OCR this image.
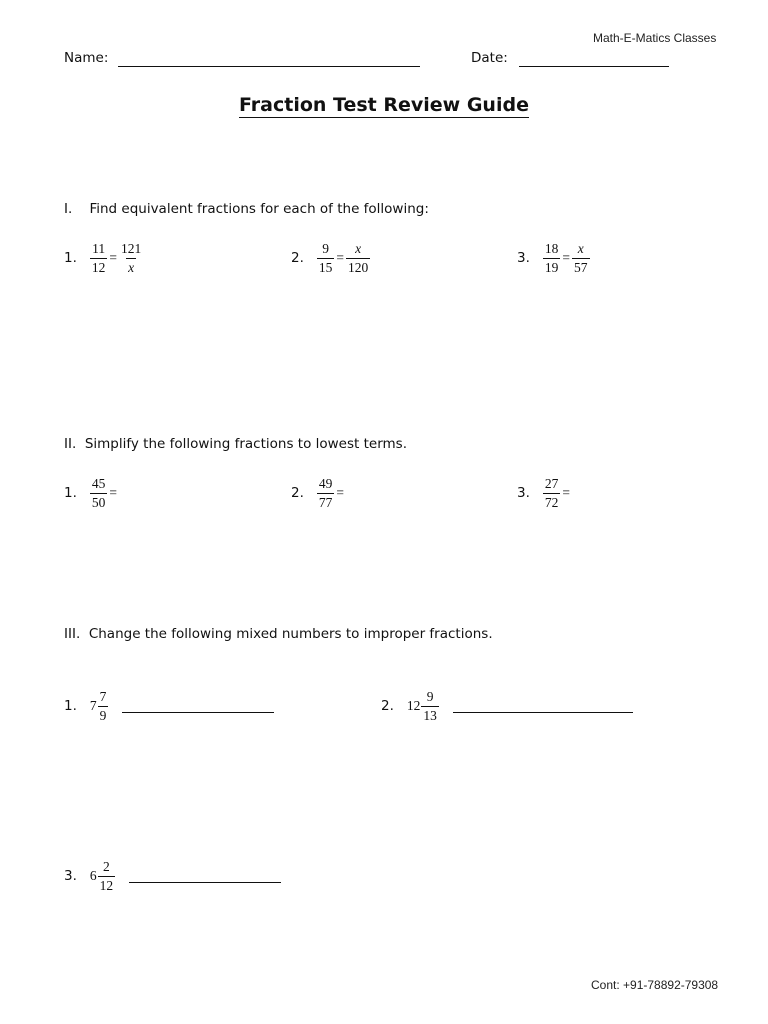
Math-E-Matics Classes
Name:	Date:
Fraction Test Review Guide
I.    Find equivalent fractions for each of the following:
1. $\frac{11}{12} = \frac{121}{x}$	2. $\frac{9}{15} = \frac{x}{120}$	3. $\frac{18}{19} = \frac{x}{57}$
II.  Simplify the following fractions to lowest terms.
1. $\frac{45}{50}$ =	2. $\frac{49}{77}$ =	3. $\frac{27}{72}$ =
III.  Change the following mixed numbers to improper fractions.
1. $7 \frac{7}{9}$	2. $12 \frac{9}{13}$
3. $6 \frac{2}{12}$
Cont: +91-78892-79308
